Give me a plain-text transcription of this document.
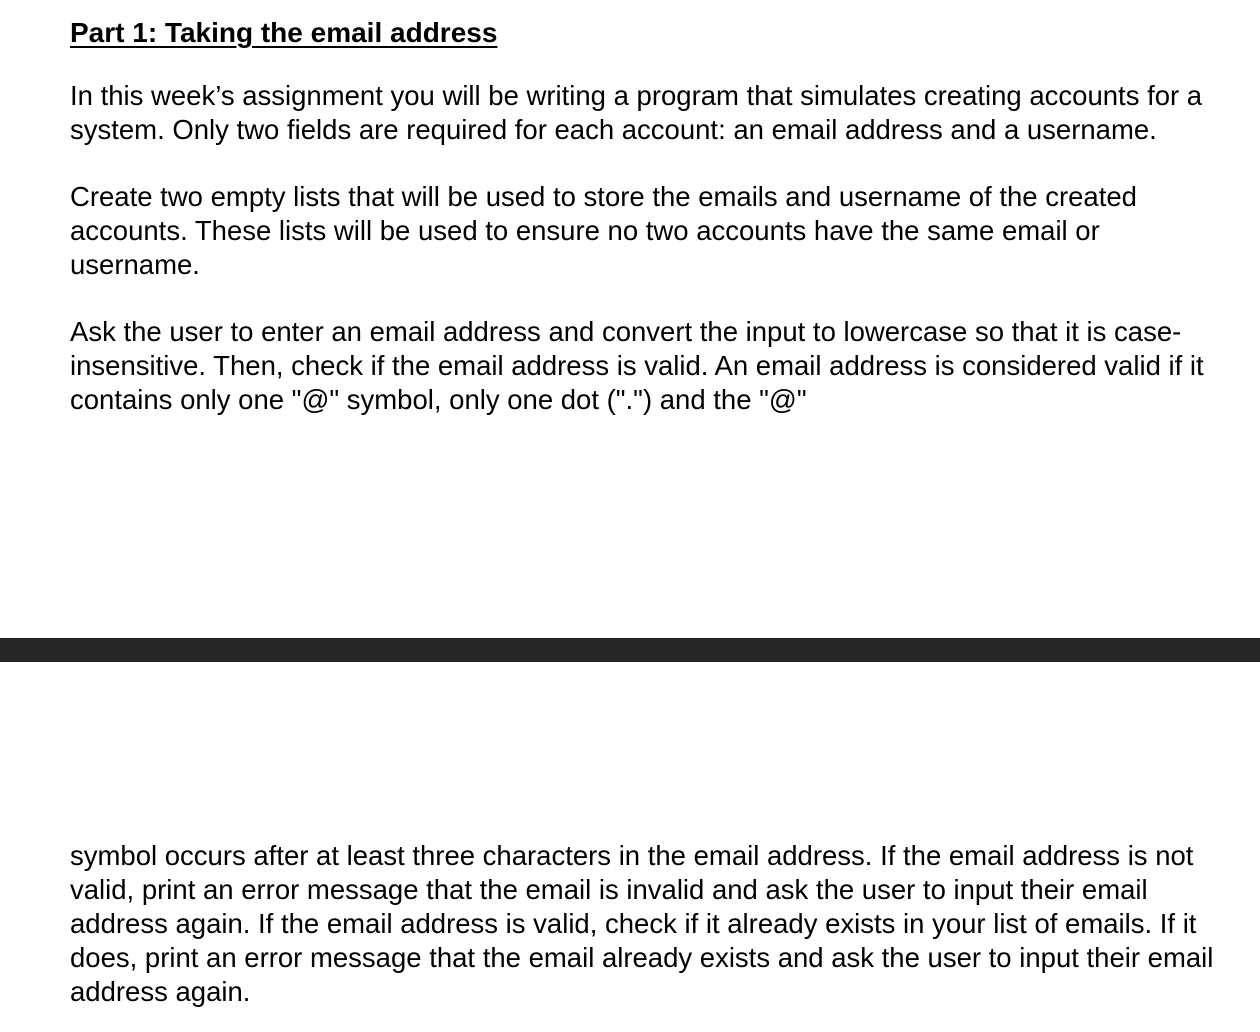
Part 1: Taking the email address

In this week’s assignment you will be writing a program that simulates creating accounts for a system. Only two fields are required for each account: an email address and a username.

Create two empty lists that will be used to store the emails and username of the created accounts. These lists will be used to ensure no two accounts have the same email or username.

Ask the user to enter an email address and convert the input to lowercase so that it is case-insensitive. Then, check if the email address is valid. An email address is considered valid if it contains only one "@" symbol, only one dot (".") and the "@"

symbol occurs after at least three characters in the email address. If the email address is not valid, print an error message that the email is invalid and ask the user to input their email address again. If the email address is valid, check if it already exists in your list of emails. If it does, print an error message that the email already exists and ask the user to input their email address again.
